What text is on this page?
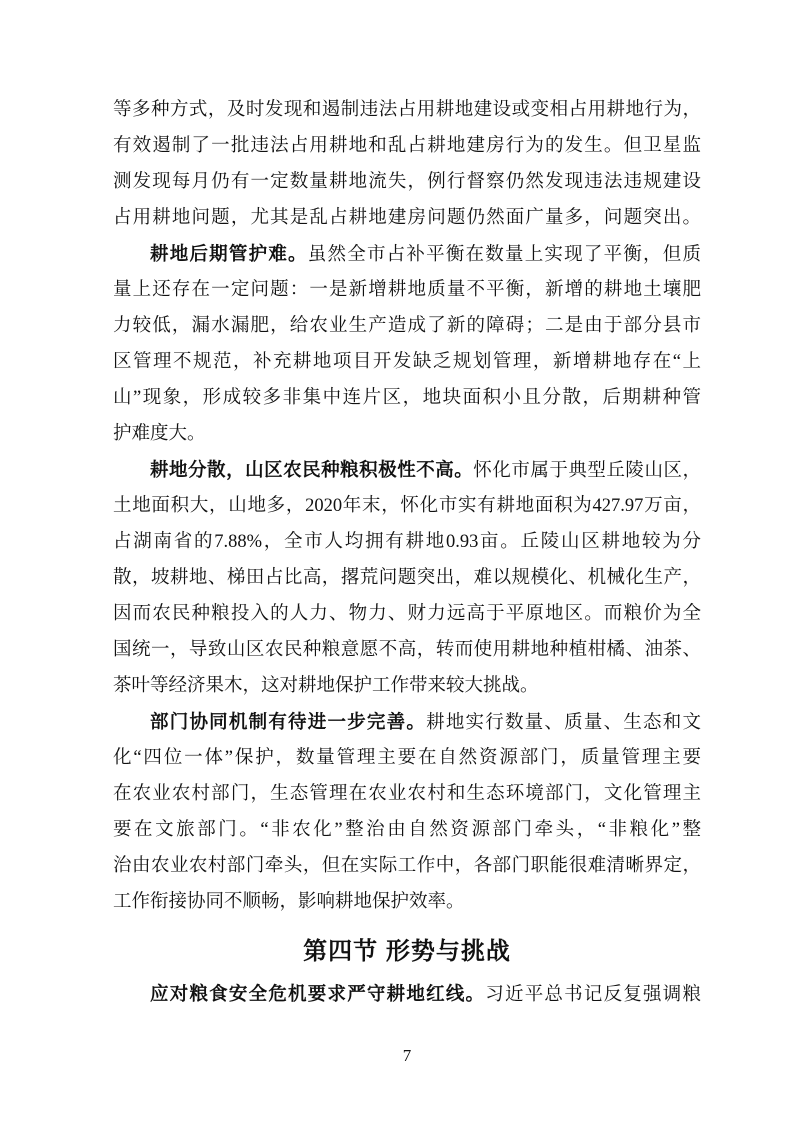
等多种方式，及时发现和遏制违法占用耕地建设或变相占用耕地行为，
有效遏制了一批违法占用耕地和乱占耕地建房行为的发生。但卫星监
测发现每月仍有一定数量耕地流失，例行督察仍然发现违法违规建设
占用耕地问题，尤其是乱占耕地建房问题仍然面广量多，问题突出。
耕地后期管护难。虽然全市占补平衡在数量上实现了平衡，但质
量上还存在一定问题：一是新增耕地质量不平衡，新增的耕地土壤肥
力较低，漏水漏肥，给农业生产造成了新的障碍；二是由于部分县市
区管理不规范，补充耕地项目开发缺乏规划管理，新增耕地存在“上
山”现象，形成较多非集中连片区，地块面积小且分散，后期耕种管
护难度大。
耕地分散，山区农民种粮积极性不高。怀化市属于典型丘陵山区，
土地面积大，山地多，2020年末，怀化市实有耕地面积为427.97万亩，
占湖南省的7.88%，全市人均拥有耕地0.93亩。丘陵山区耕地较为分
散，坡耕地、梯田占比高，撂荒问题突出，难以规模化、机械化生产，
因而农民种粮投入的人力、物力、财力远高于平原地区。而粮价为全
国统一，导致山区农民种粮意愿不高，转而使用耕地种植柑橘、油茶、
茶叶等经济果木，这对耕地保护工作带来较大挑战。
部门协同机制有待进一步完善。耕地实行数量、质量、生态和文
化“四位一体”保护，数量管理主要在自然资源部门，质量管理主要
在农业农村部门，生态管理在农业农村和生态环境部门，文化管理主
要在文旅部门。“非农化”整治由自然资源部门牵头，“非粮化”整
治由农业农村部门牵头，但在实际工作中，各部门职能很难清晰界定，
工作衔接协同不顺畅，影响耕地保护效率。
第四节 形势与挑战
应对粮食安全危机要求严守耕地红线。习近平总书记反复强调粮
7
